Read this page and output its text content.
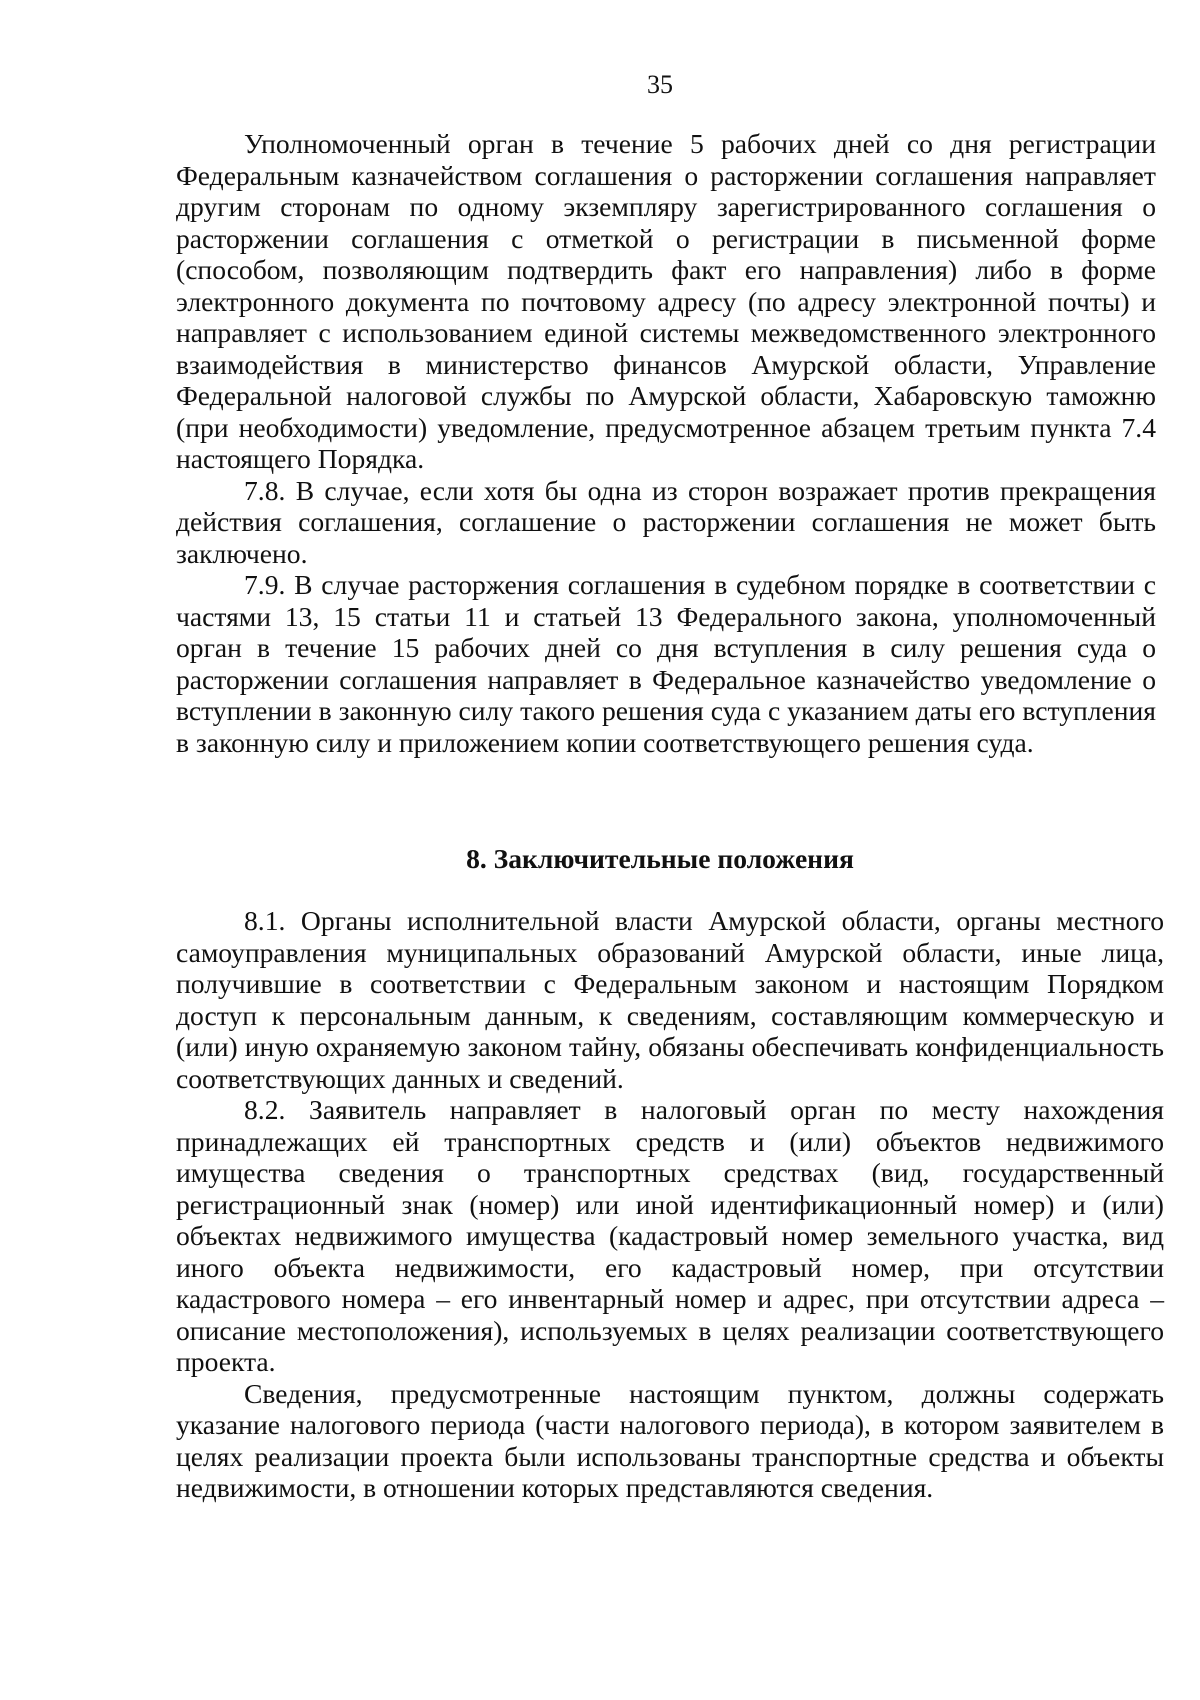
35

Уполномоченный орган в течение 5 рабочих дней со дня регистрации Федеральным казначейством соглашения о расторжении соглашения направляет другим сторонам по одному экземпляру зарегистрированного соглашения о расторжении соглашения с отметкой о регистрации в письменной форме (способом, позволяющим подтвердить факт его направления) либо в форме электронного документа по почтовому адресу (по адресу электронной почты) и направляет с использованием единой системы межведомственного электронного взаимодействия в министерство финансов Амурской области, Управление Федеральной налоговой службы по Амурской области, Хабаровскую таможню (при необходимости) уведомление, предусмотренное абзацем третьим пункта 7.4 настоящего Порядка.

7.8. В случае, если хотя бы одна из сторон возражает против прекращения действия соглашения, соглашение о расторжении соглашения не может быть заключено.

7.9. В случае расторжения соглашения в судебном порядке в соответствии с частями 13, 15 статьи 11 и статьей 13 Федерального закона, уполномоченный орган в течение 15 рабочих дней со дня вступления в силу решения суда о расторжении соглашения направляет в Федеральное казначейство уведомление о вступлении в законную силу такого решения суда с указанием даты его вступления в законную силу и приложением копии соответствующего решения суда.

8. Заключительные положения

8.1. Органы исполнительной власти Амурской области, органы местного самоуправления муниципальных образований Амурской области, иные лица, получившие в соответствии с Федеральным законом и настоящим Порядком доступ к персональным данным, к сведениям, составляющим коммерческую и (или) иную охраняемую законом тайну, обязаны обеспечивать конфиденциальность соответствующих данных и сведений.

8.2. Заявитель направляет в налоговый орган по месту нахождения принадлежащих ей транспортных средств и (или) объектов недвижимого имущества сведения о транспортных средствах (вид, государственный регистрационный знак (номер) или иной идентификационный номер) и (или) объектах недвижимого имущества (кадастровый номер земельного участка, вид иного объекта недвижимости, его кадастровый номер, при отсутствии кадастрового номера – его инвентарный номер и адрес, при отсутствии адреса – описание местоположения), используемых в целях реализации соответствующего проекта.

Сведения, предусмотренные настоящим пунктом, должны содержать указание налогового периода (части налогового периода), в котором заявителем в целях реализации проекта были использованы транспортные средства и объекты недвижимости, в отношении которых представляются сведения.
